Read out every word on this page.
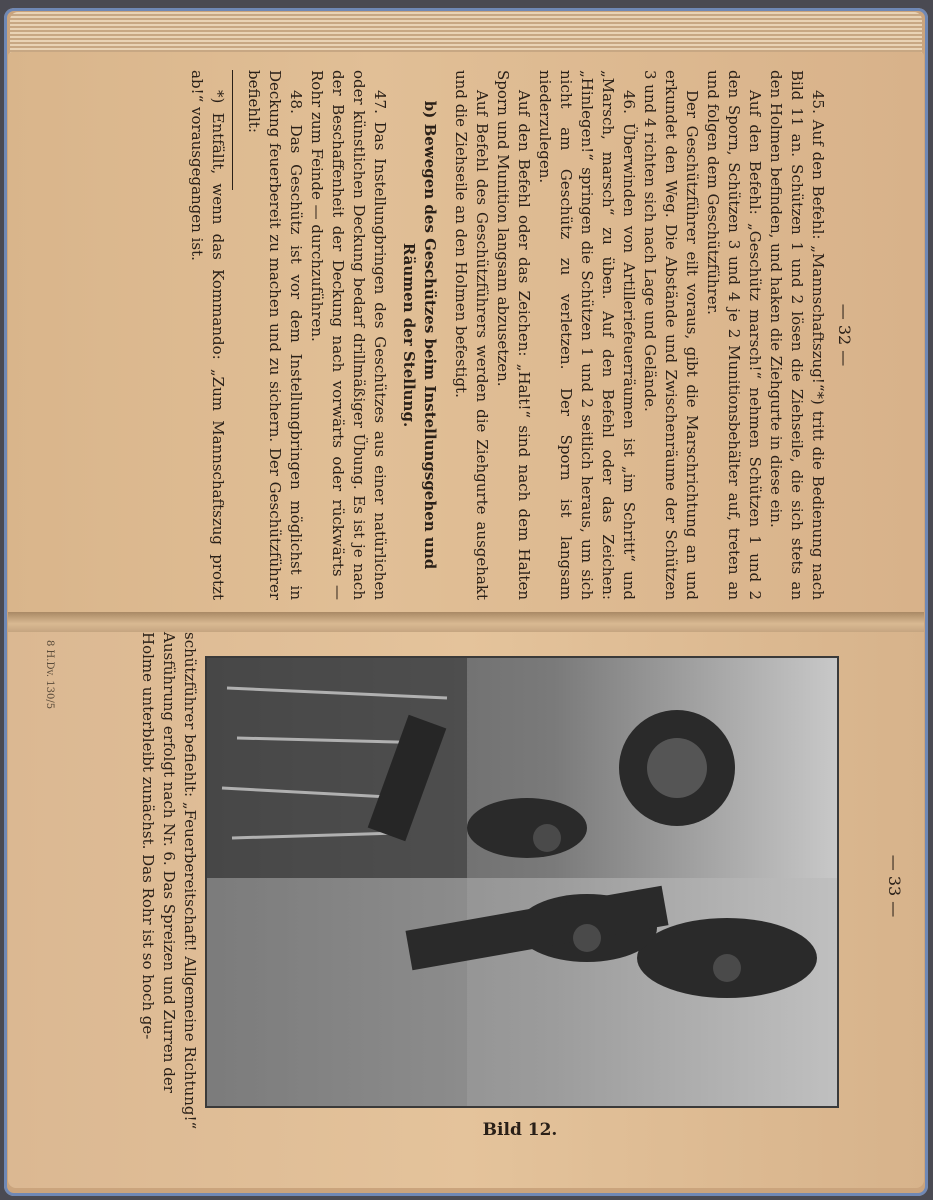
— 32 —

45. Auf den Befehl: „Mannschaftszug!“*) tritt die Bedienung nach Bild 11 an. Schützen 1 und 2 lösen die Ziehseile, die sich stets an den Holmen befinden, und haken die Ziehgurte in diese ein.

Auf den Befehl: „Geschütz marsch!“ nehmen Schützen 1 und 2 den Sporn, Schützen 3 und 4 je 2 Munitionsbehälter auf, treten an und folgen dem Geschützführer.

Der Geschützführer eilt voraus, gibt die Marschrichtung an und erkundet den Weg. Die Abstände und Zwischenräume der Schützen 3 und 4 richten sich nach Lage und Gelände.

46. Überwinden von Artilleriefeuerräumen ist „im Schritt“ und „Marsch, marsch“ zu üben. Auf den Befehl oder das Zeichen: „Hinlegen!“ springen die Schützen 1 und 2 seitlich heraus, um sich nicht am Geschütz zu verletzen. Der Sporn ist langsam niederzulegen.

Auf den Befehl oder das Zeichen: „Halt!“ sind nach dem Halten Sporn und Munition langsam abzusetzen.

Auf Befehl des Geschützführers werden die Ziehgurte ausgehakt und die Ziehseile an den Holmen befestigt.

b) Bewegen des Geschützes beim Instellungsgehen und Räumen der Stellung.

47. Das Instellungbringen des Geschützes aus einer natürlichen oder künstlichen Deckung bedarf drillmäßiger Übung. Es ist je nach der Beschaffenheit der Deckung nach vorwärts oder rückwärts — Rohr zum Feinde — durchzuführen.

48. Das Geschütz ist vor dem Instellungbringen möglichst in Deckung feuerbereit zu machen und zu sichern. Der Geschützführer befiehlt:

*) Entfällt, wenn das Kommando: „Zum Mannschaftszug protzt ab!“ vorausgegangen ist.

— 33 —

schützführer befiehlt: „Feuerbereitschaft! Allgemeine Richtung!“

Ausführung erfolgt nach Nr. 6. Das Spreizen und Zurren der Holme unterbleibt zunächst. Das Rohr ist so hoch ge-

Bild 12.
8 H.Dv. 130/5
